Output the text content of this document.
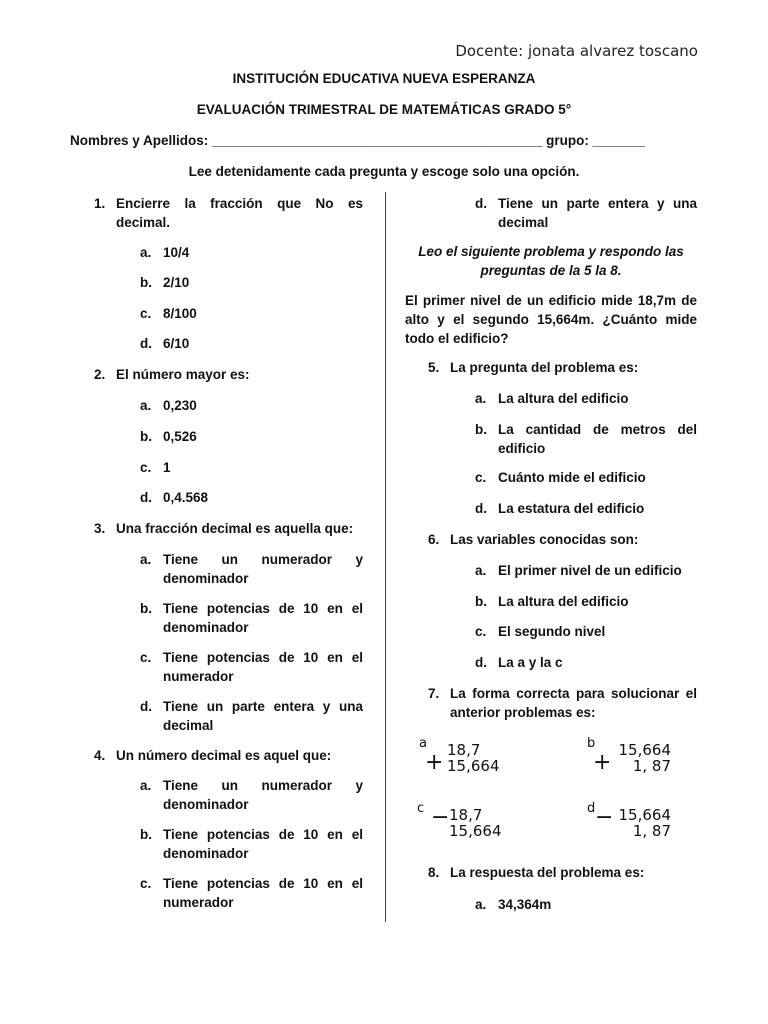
Docente: jonata alvarez toscano
INSTITUCIÓN EDUCATIVA NUEVA ESPERANZA
EVALUACIÓN TRIMESTRAL DE MATEMÁTICAS GRADO 5°
Nombres y Apellidos: ____________________________________________ grupo: _______
Lee detenidamente cada pregunta y escoge solo una opción.
1. Encierre la fracción que No es decimal.
a. 10/4
b. 2/10
c. 8/100
d. 6/10
2. El número mayor es:
a. 0,230
b. 0,526
c. 1
d. 0,4.568
3. Una fracción decimal es aquella que:
a. Tiene un numerador y denominador
b. Tiene potencias de 10 en el denominador
c. Tiene potencias de 10 en el numerador
d. Tiene un parte entera y una decimal
4. Un número decimal es aquel que:
a. Tiene un numerador y denominador
b. Tiene potencias de 10 en el denominador
c. Tiene potencias de 10 en el numerador
d. Tiene un parte entera y una decimal
Leo el siguiente problema y respondo las preguntas de la 5 la 8.
El primer nivel de un edificio mide 18,7m de alto y el segundo 15,664m. ¿Cuánto mide todo el edificio?
5. La pregunta del problema es:
a. La altura del edificio
b. La cantidad de metros del edificio
c. Cuánto mide el edificio
d. La estatura del edificio
6. Las variables conocidas son:
a. El primer nivel de un edificio
b. La altura del edificio
c. El segundo nivel
d. La a y la c
7. La forma correcta para solucionar el anterior problemas es:
a
+ 18,7
15,664
b
+ 15,664
1, 87
c − 18,7
15,664
d − 15,664
1, 87
8. La respuesta del problema es:
a. 34,364m
